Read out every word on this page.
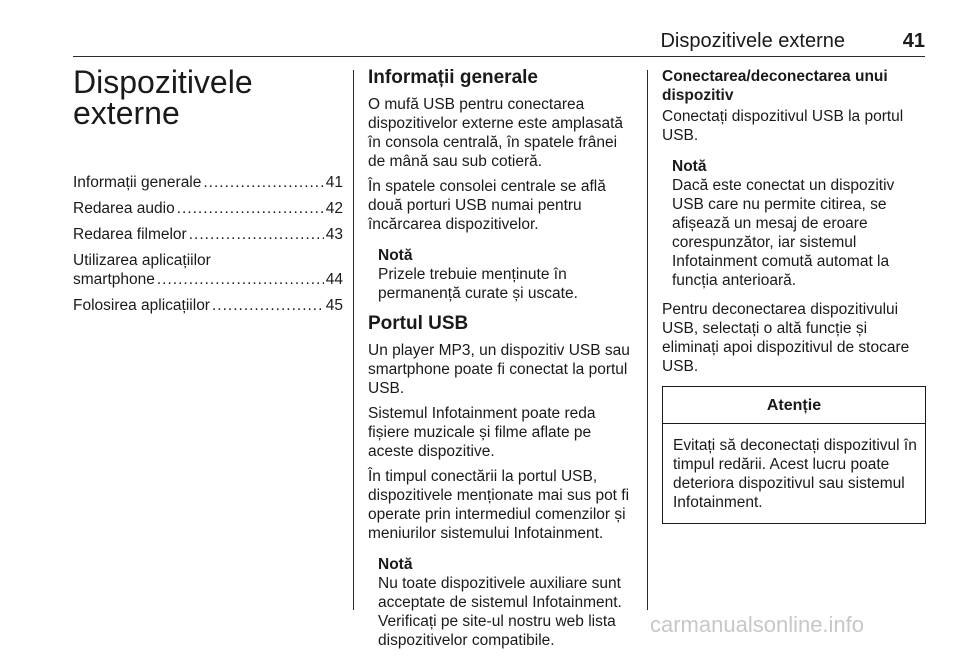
Dispozitivele externe	41
Dispozitivele
externe
Informații generale .....	41
Redarea audio .....	42
Redarea filmelor .....	43
Utilizarea aplicațiilor
smartphone .....	44
Folosirea aplicațiilor .....	45
Informații generale

O mufă USB pentru conectarea dispozitivelor externe este amplasată în consola centrală, în spatele frânei de mână sau sub cotieră.

În spatele consolei centrale se află două porturi USB numai pentru încărcarea dispozitivelor.

Notă
Prizele trebuie menținute în permanență curate și uscate.
Portul USB

Un player MP3, un dispozitiv USB sau smartphone poate fi conectat la portul USB.

Sistemul Infotainment poate reda fișiere muzicale și filme aflate pe aceste dispozitive.

În timpul conectării la portul USB, dispozitivele menționate mai sus pot fi operate prin intermediul comenzilor și meniurilor sistemului Infotainment.

Notă
Nu toate dispozitivele auxiliare sunt acceptate de sistemul Infotainment. Verificați pe site-ul nostru web lista dispozitivelor compatibile.
Conectarea/deconectarea unui dispozitiv

Conectați dispozitivul USB la portul USB.

Notă
Dacă este conectat un dispozitiv USB care nu permite citirea, se afișează un mesaj de eroare corespunzător, iar sistemul Infotainment comută automat la funcția anterioară.

Pentru deconectarea dispozitivului USB, selectați o altă funcție și eliminați apoi dispozitivul de stocare USB.

Atenție
Evitați să deconectați dispozitivul în timpul redării. Acest lucru poate deteriora dispozitivul sau sistemul Infotainment.
carmanualsonline.info
